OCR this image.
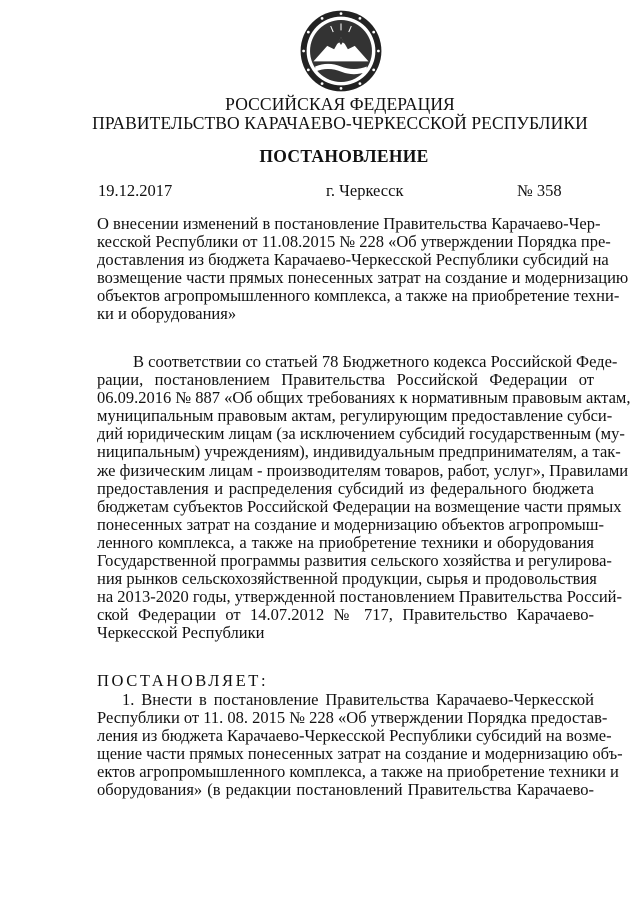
РОССИЙСКАЯ ФЕДЕРАЦИЯ
ПРАВИТЕЛЬСТВО КАРАЧАЕВО-ЧЕРКЕССКОЙ РЕСПУБЛИКИ
ПОСТАНОВЛЕНИЕ
19.12.2017	г. Черкесск	№ 358
О внесении изменений в постановление Правительства Карачаево-Чер-
кесской Республики от 11.08.2015 № 228 «Об утверждении Порядка пре-
доставления из бюджета Карачаево-Черкесской Республики субсидий на
возмещение части прямых понесенных затрат на создание и модернизацию
объектов агропромышленного комплекса, а также на приобретение техни-
ки и оборудования»
В соответствии со статьей 78 Бюджетного кодекса Российской Феде-
рации, постановлением Правительства Российской Федерации от
06.09.2016 № 887 «Об общих требованиях к нормативным правовым актам,
муниципальным правовым актам, регулирующим предоставление субси-
дий юридическим лицам (за исключением субсидий государственным (му-
ниципальным) учреждениям), индивидуальным предпринимателям, а так-
же физическим лицам - производителям товаров, работ, услуг», Правилами
предоставления и распределения субсидий из федерального бюджета
бюджетам субъектов Российской Федерации на возмещение части прямых
понесенных затрат на создание и модернизацию объектов агропромыш-
ленного комплекса, а также на приобретение техники и оборудования
Государственной программы развития сельского хозяйства и регулирова-
ния рынков сельскохозяйственной продукции, сырья и продовольствия
на 2013-2020 годы, утвержденной постановлением Правительства Россий-
ской Федерации от 14.07.2012 № 717, Правительство Карачаево-
Черкесской Республики
ПОСТАНОВЛЯЕТ:
1. Внести в постановление Правительства Карачаево-Черкесской
Республики от 11. 08. 2015 № 228 «Об утверждении Порядка предостав-
ления из бюджета Карачаево-Черкесской Республики субсидий на возме-
щение части прямых понесенных затрат на создание и модернизацию объ-
ектов агропромышленного комплекса, а также на приобретение техники и
оборудования» (в редакции постановлений Правительства Карачаево-
